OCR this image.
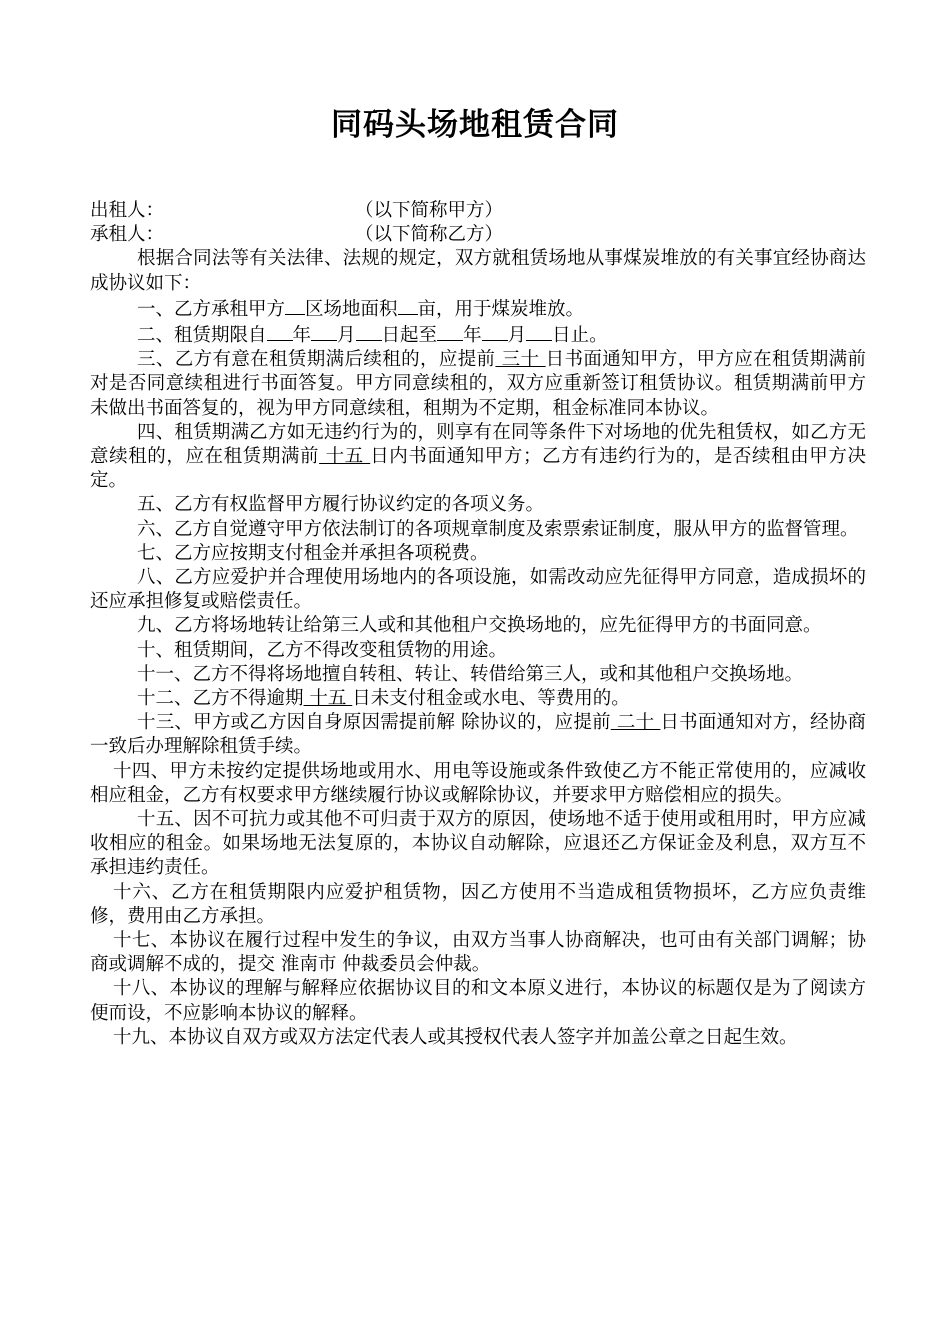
同码头场地租赁合同
出租人：	（以下简称甲方）
承租人：	（以下简称乙方）

根据合同法等有关法律、法规的规定，双方就租赁场地从事煤炭堆放的有关事宜经协商达成协议如下：

一、乙方承租甲方 区场地面积 亩，用于煤炭堆放。

二、租赁期限自 年 月 日起至 年 月 日止。

三、乙方有意在租赁期满后续租的，应提前 三十 日书面通知甲方，甲方应在租赁期满前对是否同意续租进行书面答复。甲方同意续租的，双方应重新签订租赁协议。租赁期满前甲方未做出书面答复的，视为甲方同意续租，租期为不定期，租金标准同本协议。

四、租赁期满乙方如无违约行为的，则享有在同等条件下对场地的优先租赁权，如乙方无意续租的，应在租赁期满前 十五 日内书面通知甲方；乙方有违约行为的，是否续租由甲方决定。

五、乙方有权监督甲方履行协议约定的各项义务。

六、乙方自觉遵守甲方依法制订的各项规章制度及索票索证制度，服从甲方的监督管理。

七、乙方应按期支付租金并承担各项税费。

八、乙方应爱护并合理使用场地内的各项设施，如需改动应先征得甲方同意，造成损坏的还应承担修复或赔偿责任。

九、乙方将场地转让给第三人或和其他租户交换场地的，应先征得甲方的书面同意。

十、租赁期间，乙方不得改变租赁物的用途。

十一、乙方不得将场地擅自转租、转让、转借给第三人，或和其他租户交换场地。

十二、乙方不得逾期 十五 日未支付租金或水电、等费用的。

十三、甲方或乙方因自身原因需提前解 除协议的，应提前 二十 日书面通知对方，经协商一致后办理解除租赁手续。

十四、甲方未按约定提供场地或用水、用电等设施或条件致使乙方不能正常使用的，应减收相应租金，乙方有权要求甲方继续履行协议或解除协议，并要求甲方赔偿相应的损失。

十五、因不可抗力或其他不可归责于双方的原因，使场地不适于使用或租用时，甲方应减收相应的租金。如果场地无法复原的，本协议自动解除，应退还乙方保证金及利息，双方互不承担违约责任。

十六、乙方在租赁期限内应爱护租赁物，因乙方使用不当造成租赁物损坏，乙方应负责维修，费用由乙方承担。

十七、本协议在履行过程中发生的争议，由双方当事人协商解决，也可由有关部门调解；协商或调解不成的，提交 淮南市 仲裁委员会仲裁。

十八、本协议的理解与解释应依据协议目的和文本原义进行，本协议的标题仅是为了阅读方便而设，不应影响本协议的解释。

十九、本协议自双方或双方法定代表人或其授权代表人签字并加盖公章之日起生效。
